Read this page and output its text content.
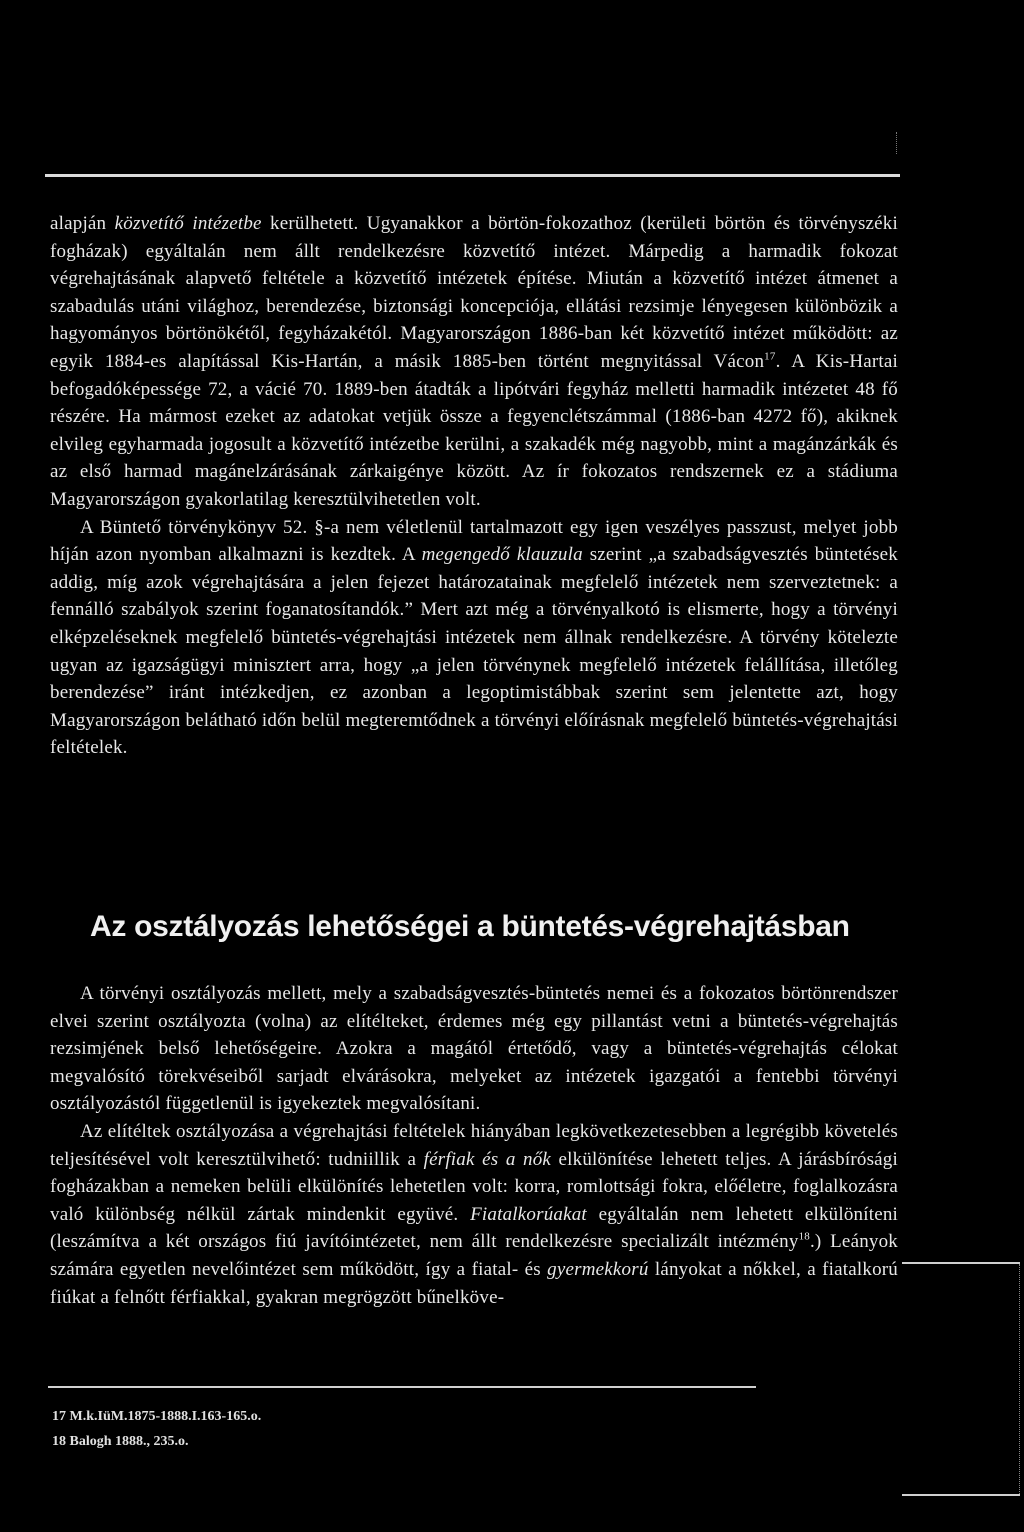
alapján közvetítő intézetbe kerülhetett. Ugyanakkor a börtön-fokozathoz (kerületi börtön és törvényszéki fogházak) egyáltalán nem állt rendelkezésre közvetítő intézet. Márpedig a harmadik fokozat végrehajtásának alapvető feltétele a közvetítő intézetek építése. Miután a közvetítő intézet átmenet a szabadulás utáni világhoz, berendezése, biztonsági koncepciója, ellátási rezsimje lényegesen különbözik a hagyományos börtönökétől, fegyházakétól. Magyarországon 1886-ban két közvetítő intézet működött: az egyik 1884-es alapítással Kis-Hartán, a másik 1885-ben történt megnyitással Vácon$^{17}$. A Kis-Hartai befogadóképessége 72, a vácié 70. 1889-ben átadták a lipótvári fegyház melletti harmadik intézetet 48 fő részére. Ha mármost ezeket az adatokat vetjük össze a fegyenclétszámmal (1886-ban 4272 fő), akiknek elvileg egyharmada jogosult a közvetítő intézetbe kerülni, a szakadék még nagyobb, mint a magánzárkák és az első harmad magánelzárásának zárkaigénye között. Az ír fokozatos rendszernek ez a stádiuma Magyarországon gyakorlatilag keresztülvihetetlen volt.

A Büntető törvénykönyv 52. §-a nem véletlenül tartalmazott egy igen veszélyes passzust, melyet jobb híján azon nyomban alkalmazni is kezdtek. A megengedő klauzula szerint „a szabadságvesztés büntetések addig, míg azok végrehajtására a jelen fejezet határozatainak megfelelő intézetek nem szerveztetnek: a fennálló szabályok szerint foganatosítandók.” Mert azt még a törvényalkotó is elismerte, hogy a törvényi elképzeléseknek megfelelő büntetés-végrehajtási intézetek nem állnak rendelkezésre. A törvény kötelezte ugyan az igazságügyi minisztert arra, hogy „a jelen törvénynek megfelelő intézetek felállítása, illetőleg berendezése” iránt intézkedjen, ez azonban a legoptimistábbak szerint sem jelentette azt, hogy Magyarországon belátható időn belül megteremtődnek a törvényi előírásnak megfelelő büntetés-végrehajtási feltételek.

Az osztályozás lehetőségei a büntetés-végrehajtásban

A törvényi osztályozás mellett, mely a szabadságvesztés-büntetés nemei és a fokozatos börtönrendszer elvei szerint osztályozta (volna) az elítélteket, érdemes még egy pillantást vetni a büntetés-végrehajtás rezsimjének belső lehetőségeire. Azokra a magától értetődő, vagy a büntetés-végrehajtás célokat megvalósító törekvéseiből sarjadt elvárásokra, melyeket az intézetek igazgatói a fentebbi törvényi osztályozástól függetlenül is igyekeztek megvalósítani.

Az elítéltek osztályozása a végrehajtási feltételek hiányában legkövetkezetesebben a legrégibb követelés teljesítésével volt keresztülvihető: tudniillik a férfiak és a nők elkülönítése lehetett teljes. A járásbírósági fogházakban a nemeken belüli elkülönítés lehetetlen volt: korra, romlottsági fokra, előéletre, foglalkozásra való különbség nélkül zártak mindenkit együvé. Fiatalkorúakat egyáltalán nem lehetett elkülöníteni (leszámítva a két országos fiú javítóintézetet, nem állt rendelkezésre specializált intézmény$^{18}$.) Leányok számára egyetlen nevelőintézet sem működött, így a fiatal- és gyermekkorú lányokat a nőkkel, a fiatalkorú fiúkat a felnőtt férfiakkal, gyakran megrögzött bűnelköve-

17 M.k.IüM.1875-1888.I.163-165.o.
18 Balogh 1888., 235.o.
